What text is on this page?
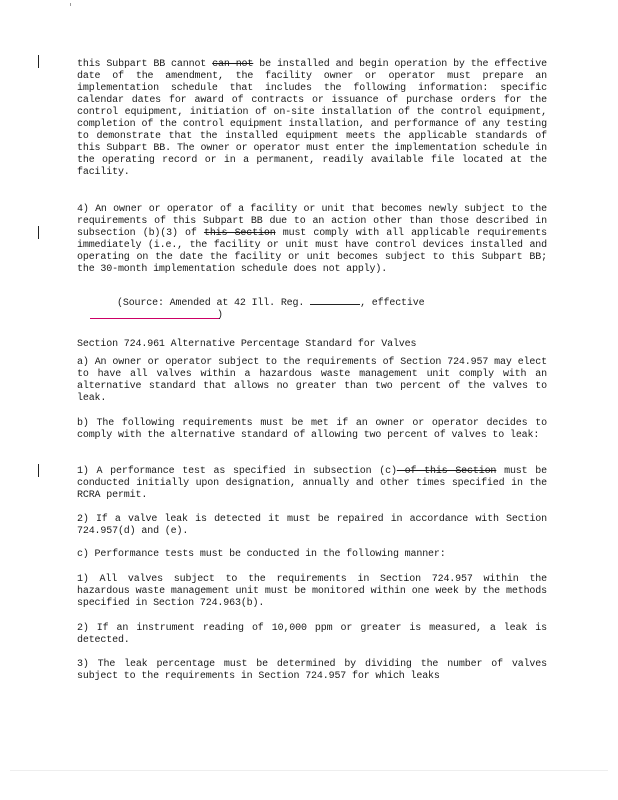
this Subpart BB cannot can not be installed and begin operation by the effective date of the amendment, the facility owner or operator must prepare an implementation schedule that includes the following information: specific calendar dates for award of contracts or issuance of purchase orders for the control equipment, initiation of on-site installation of the control equipment, completion of the control equipment installation, and performance of any testing to demonstrate that the installed equipment meets the applicable standards of this Subpart BB. The owner or operator must enter the implementation schedule in the operating record or in a permanent, readily available file located at the facility.
4) An owner or operator of a facility or unit that becomes newly subject to the requirements of this Subpart BB due to an action other than those described in subsection (b)(3) of this Section must comply with all applicable requirements immediately (i.e., the facility or unit must have control devices installed and operating on the date the facility or unit becomes subject to this Subpart BB; the 30-month implementation schedule does not apply).
(Source: Amended at 42 Ill. Reg.	, effective
)
Section 724.961 Alternative Percentage Standard for Valves
a) An owner or operator subject to the requirements of Section 724.957 may elect to have all valves within a hazardous waste management unit comply with an alternative standard that allows no greater than two percent of the valves to leak.
b) The following requirements must be met if an owner or operator decides to comply with the alternative standard of allowing two percent of valves to leak:
1) A performance test as specified in subsection (c) of this Section must be conducted initially upon designation, annually and other times specified in the RCRA permit.
2) If a valve leak is detected it must be repaired in accordance with Section 724.957(d) and (e).
c) Performance tests must be conducted in the following manner:
1) All valves subject to the requirements in Section 724.957 within the hazardous waste management unit must be monitored within one week by the methods specified in Section 724.963(b).
2) If an instrument reading of 10,000 ppm or greater is measured, a leak is detected.
3) The leak percentage must be determined by dividing the number of valves subject to the requirements in Section 724.957 for which leaks
